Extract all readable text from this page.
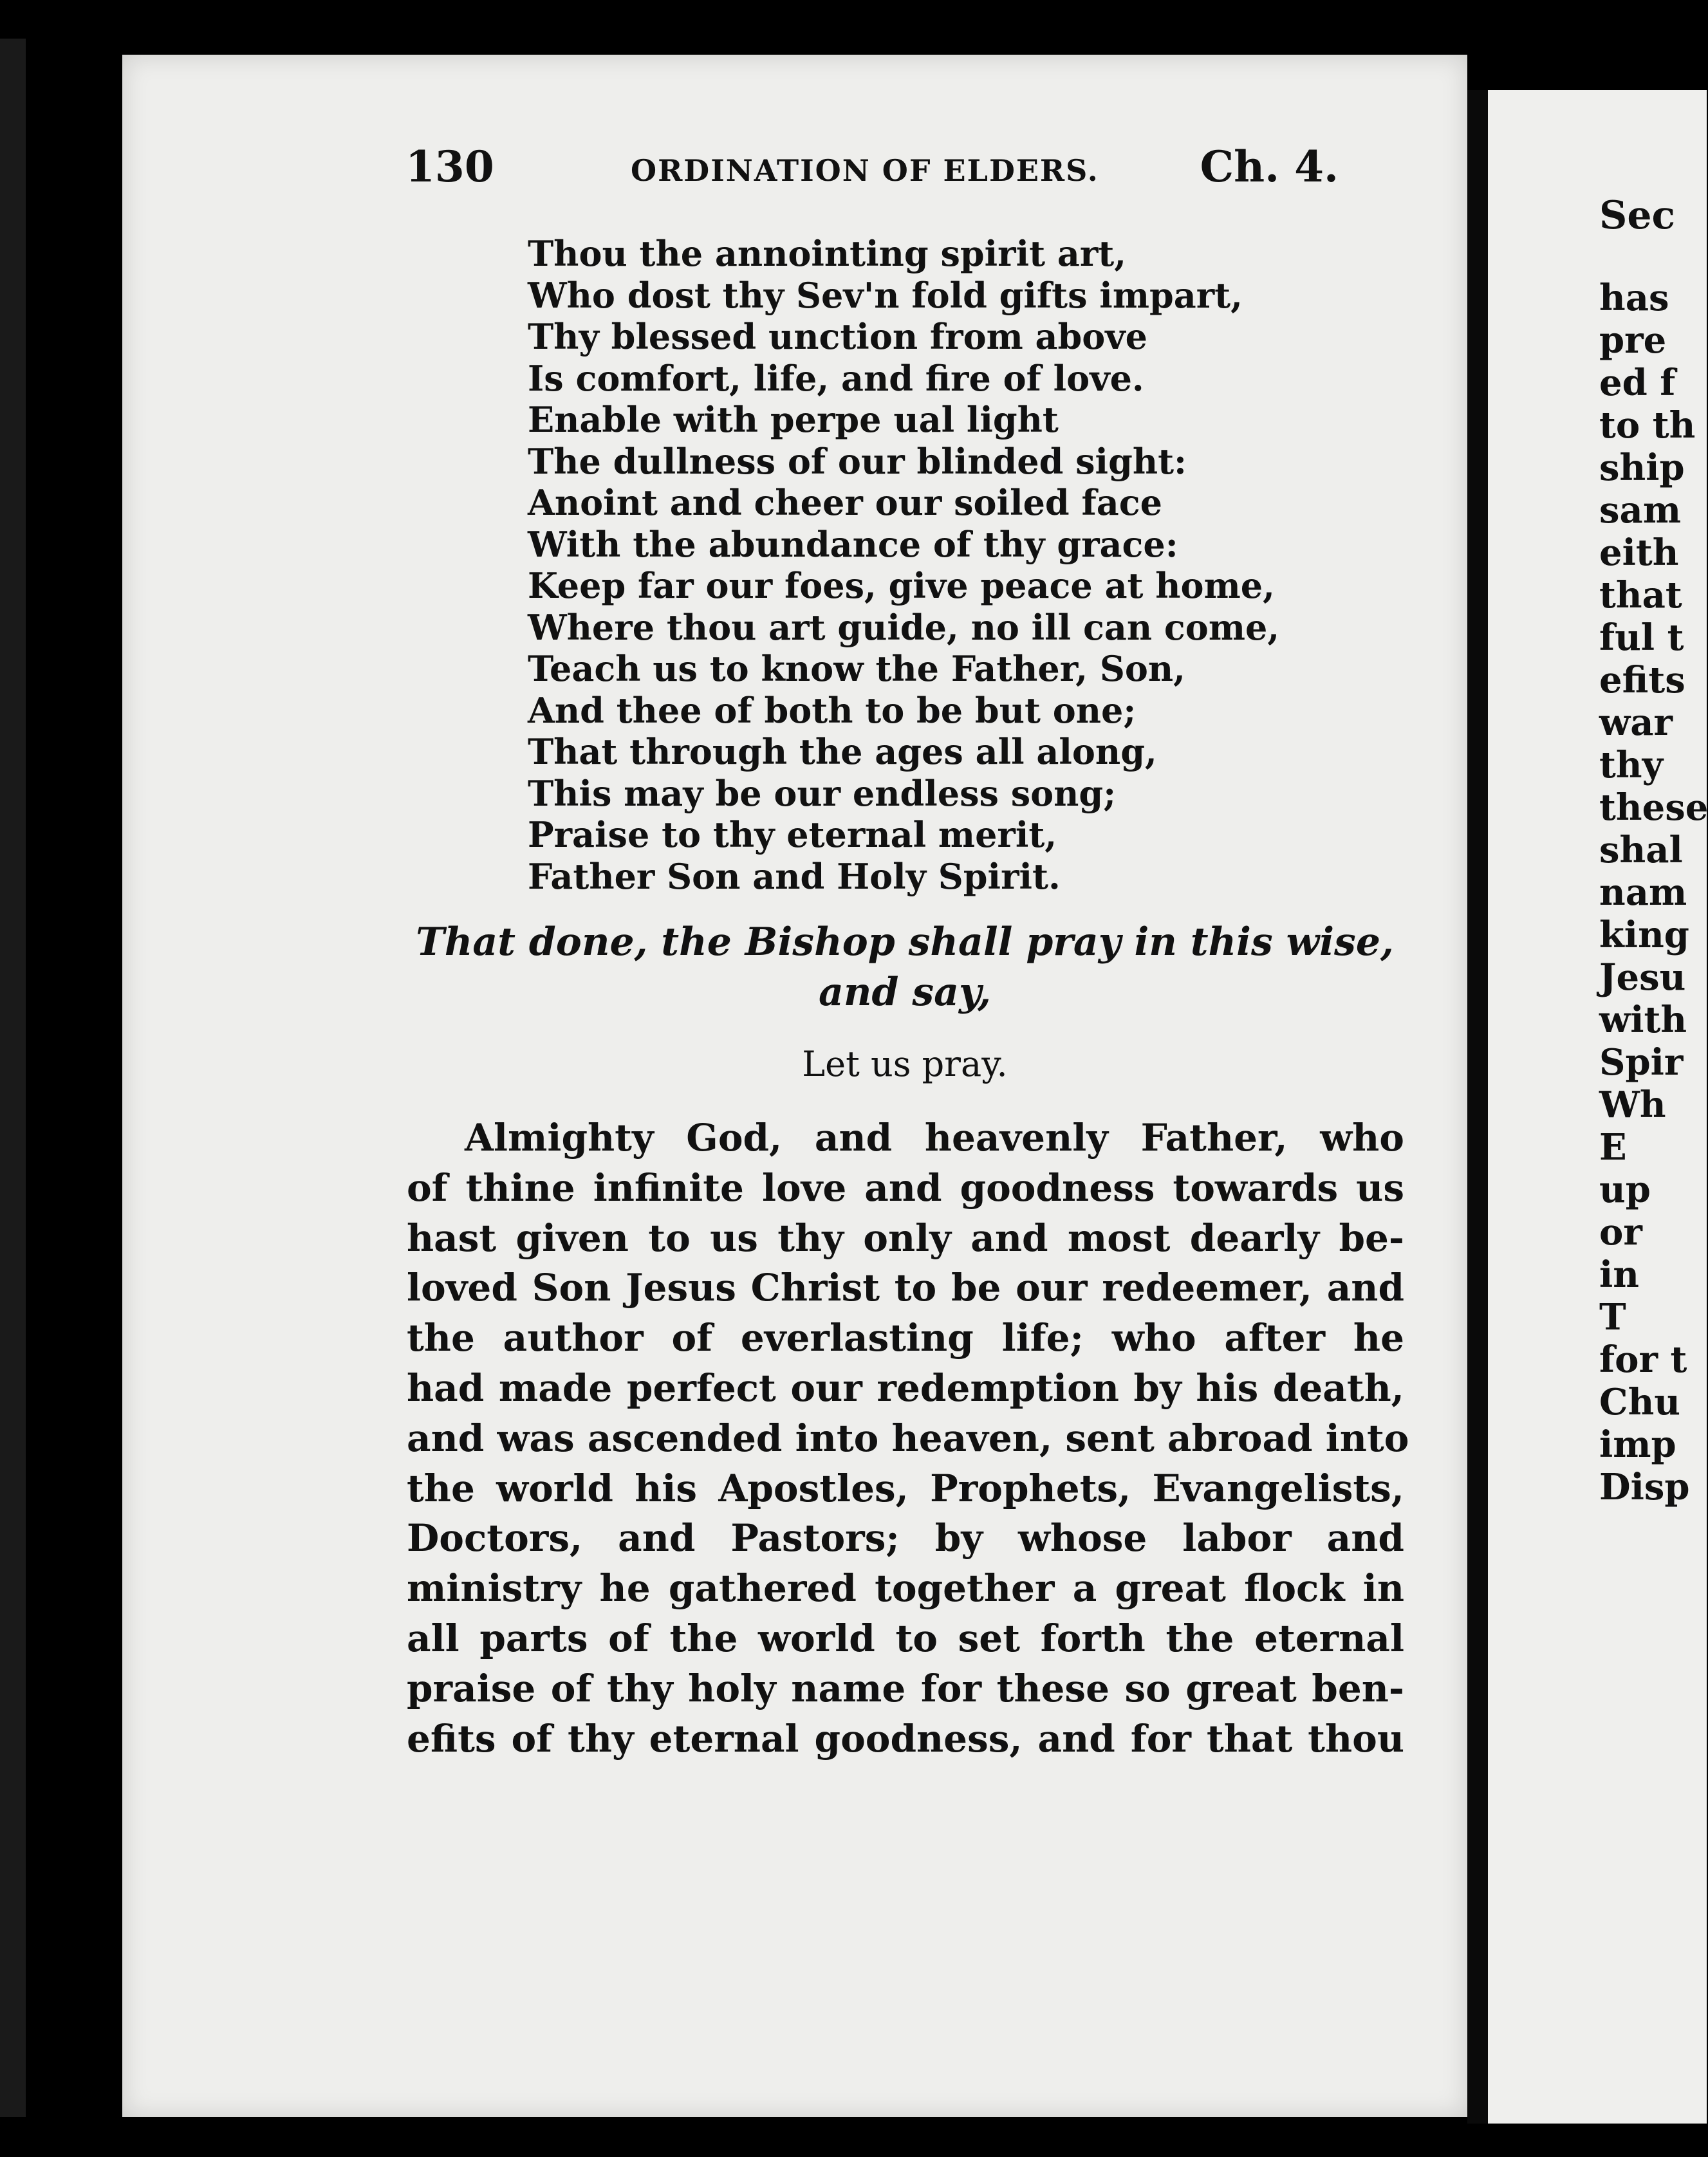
130	ORDINATION OF ELDERS. Ch. 4.
Thou the annointing spirit art,
Who dost thy Sev'n fold gifts impart,
Thy blessed unction from above
Is comfort, life, and fire of love.
Enable with perpe ual light
The dullness of our blinded sight:
Anoint and cheer our soiled face
With the abundance of thy grace:
Keep far our foes, give peace at home,
Where thou art guide, no ill can come,
Teach us to know the Father, Son,
And thee of both to be but one;
That through the ages all along,
This may be our endless song;
Praise to thy eternal merit,
Father Son and Holy Spirit.
That done, the Bishop shall pray in this wise,
and say,
Let us pray.
Almighty God, and heavenly Father, who
of thine infinite love and goodness towards us
hast given to us thy only and most dearly be-
loved Son Jesus Christ to be our redeemer, and
the author of everlasting life; who after he
had made perfect our redemption by his death,
and was ascended into heaven, sent abroad into
the world his Apostles, Prophets, Evangelists,
Doctors, and Pastors; by whose labor and
ministry he gathered together a great flock in
all parts of the world to set forth the eternal
praise of thy holy name for these so great ben-
efits of thy eternal goodness, and for that thou
Sec
has
pre
ed f
to th
ship
sam
eith
that
ful t
efits
war
thy
these
shal
nam
king
Jesu
with
Spir
Wh
E
up
or
in
T
for t
Chu
imp
Disp
